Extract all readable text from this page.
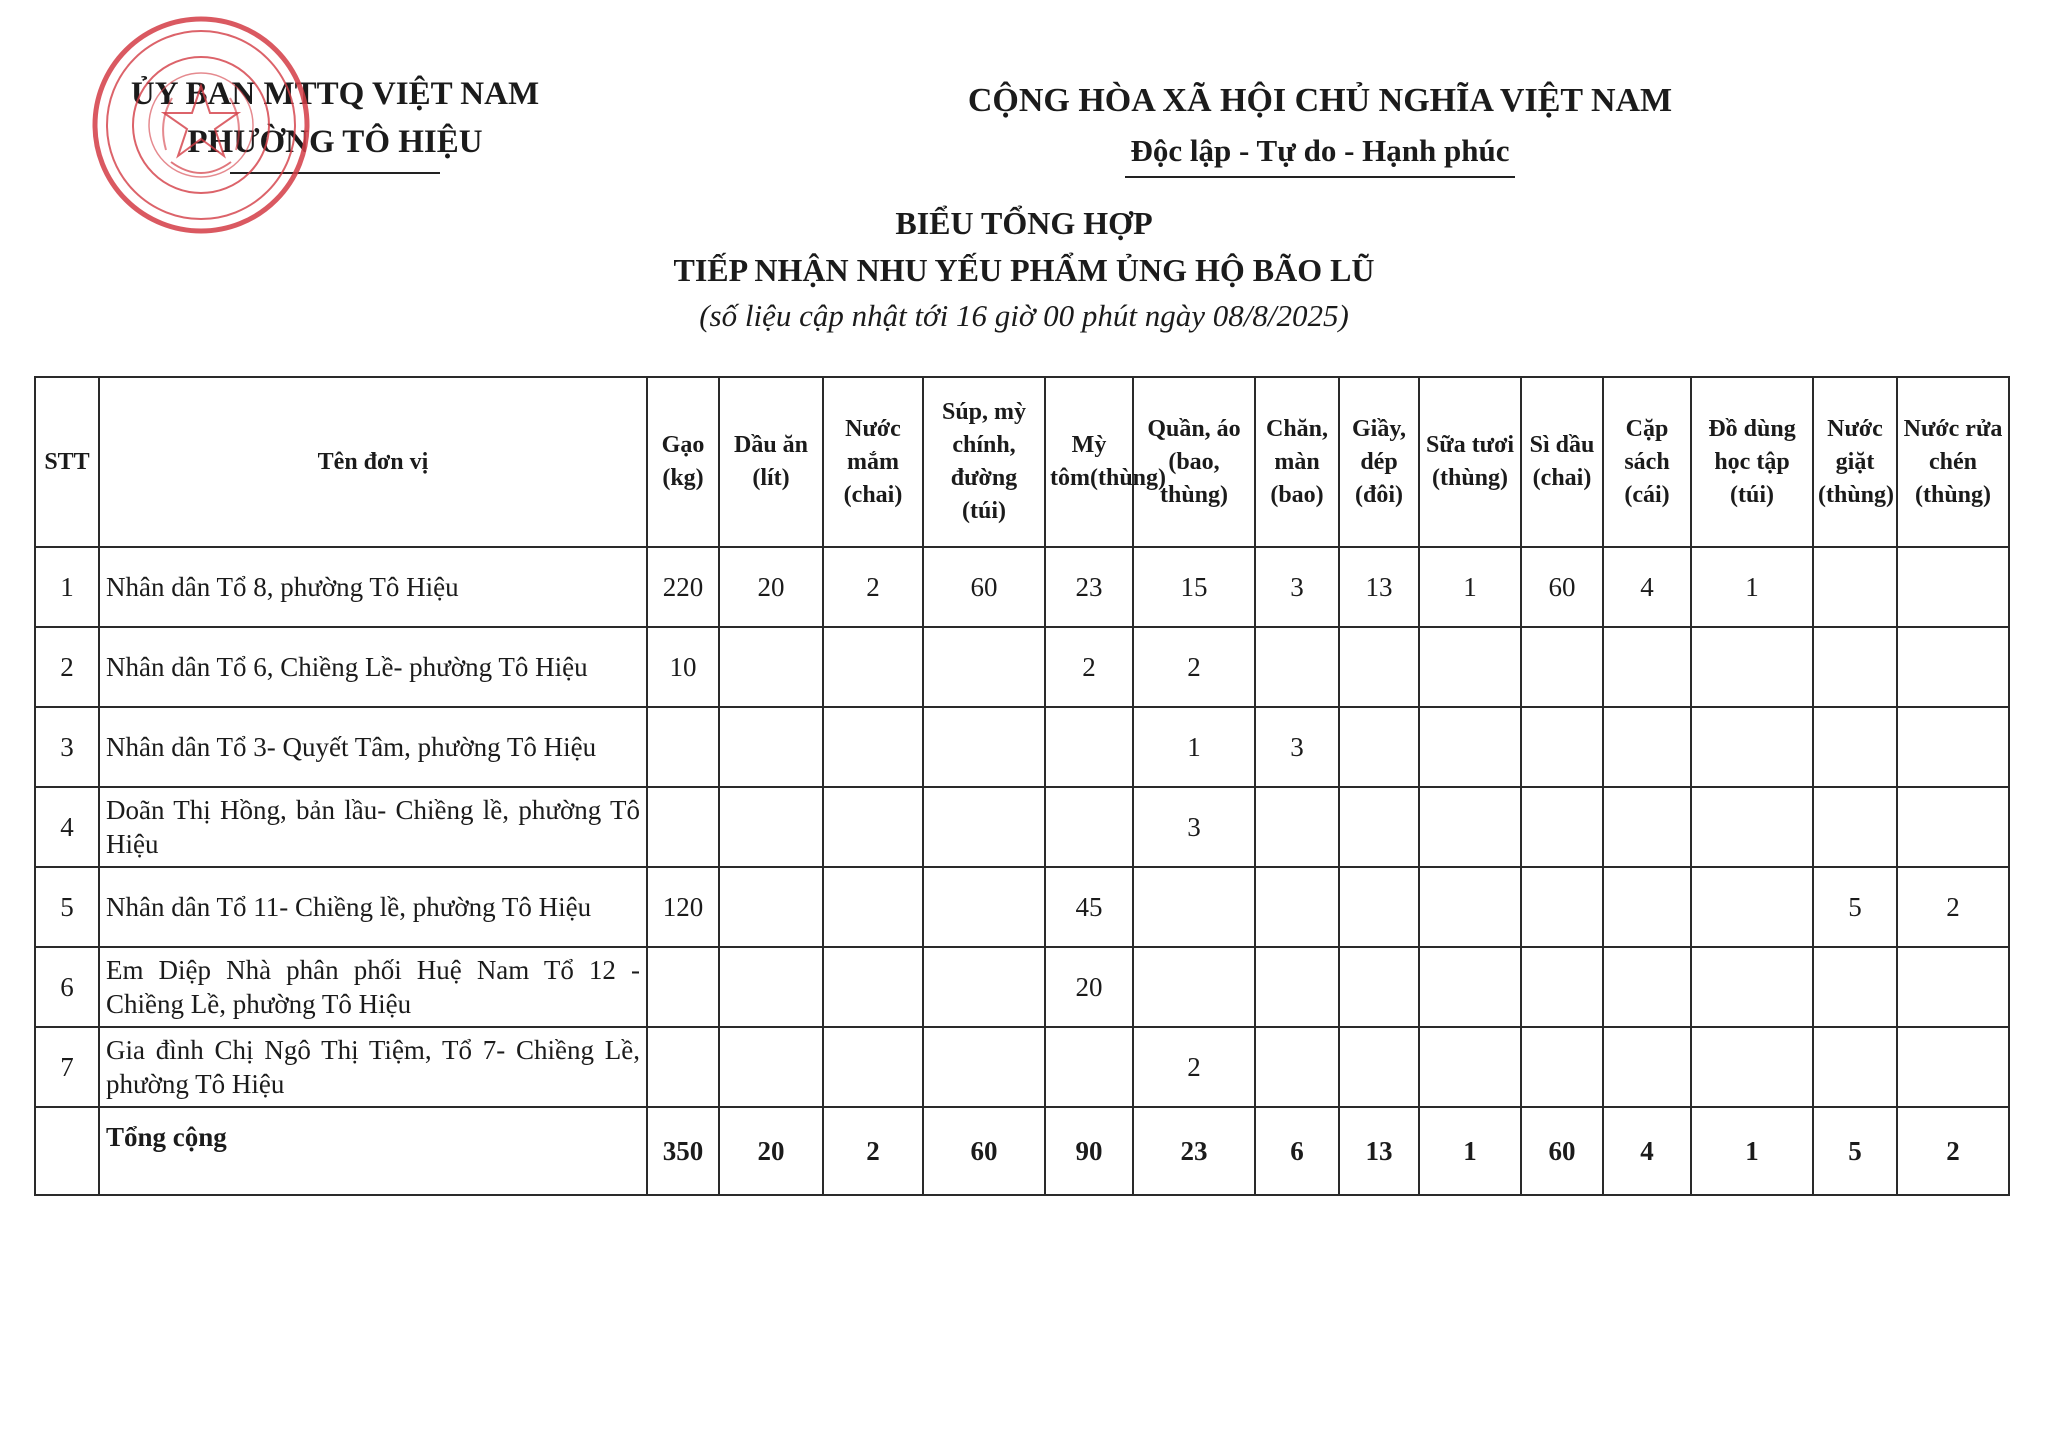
ỦY BAN MTTQ VIỆT NAM
PHƯỜNG TÔ HIỆU
CỘNG HÒA XÃ HỘI CHỦ NGHĨA VIỆT NAM
Độc lập - Tự do - Hạnh phúc
BIỂU TỔNG HỢP
TIẾP NHẬN NHU YẾU PHẨM ỦNG HỘ BÃO LŨ
(số liệu cập nhật tới 16 giờ 00 phút ngày 08/8/2025)
STT	Tên đơn vị	Gạo (kg)	Dầu ăn (lít)	Nước mắm (chai)	Súp, mỳ chính, đường (túi)	Mỳ tôm(thùng)	Quần, áo (bao, thùng)	Chăn, màn (bao)	Giầy, dép (đôi)	Sữa tươi (thùng)	Sì dầu (chai)	Cặp sách (cái)	Đồ dùng học tập (túi)	Nước giặt (thùng)	Nước rửa chén (thùng)
1	Nhân dân Tổ 8, phường Tô Hiệu	220	20	2	60	23	15	3	13	1	60	4	1		
2	Nhân dân Tổ 6, Chiềng Lề- phường Tô Hiệu	10				2	2								
3	Nhân dân Tổ 3- Quyết Tâm, phường Tô Hiệu						1	3							
4	Doãn Thị Hồng, bản lầu- Chiềng lề, phường Tô Hiệu						3								
5	Nhân dân Tổ 11- Chiềng lề, phường Tô Hiệu	120				45								5	2
6	Em Diệp Nhà phân phối Huệ Nam Tổ 12 - Chiềng Lề, phường Tô Hiệu					20									
7	Gia đình Chị Ngô Thị Tiệm, Tổ 7- Chiềng Lề, phường Tô Hiệu						2								
	Tổng cộng	350	20	2	60	90	23	6	13	1	60	4	1	5	2
